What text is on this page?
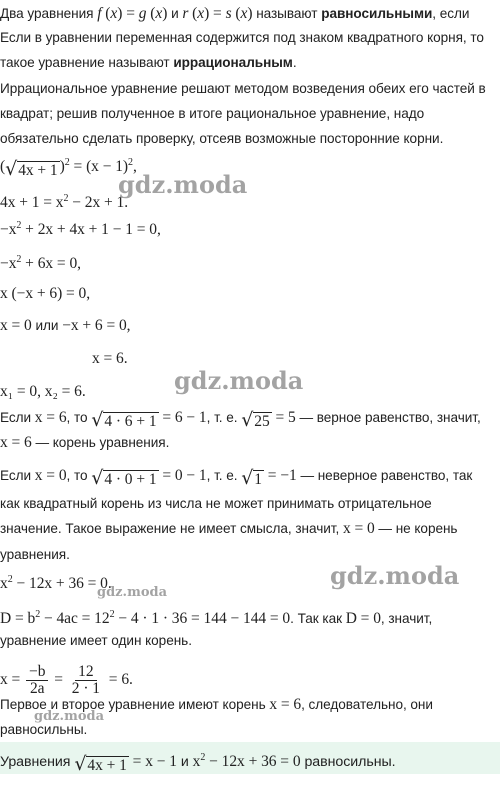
Два уравнения f (x) = g (x) и r (x) = s (x) называют равносильными, если
Если в уравнении переменная содержится под знаком квадратного корня, то
такое уравнение называют иррациональным.
Иррациональное уравнение решают методом возведения обеих его частей в
квадрат; решив полученное в итоге рациональное уравнение, надо
обязательно сделать проверку, отсеяв возможные посторонние корни.
( √ 4x + 1 )$^2 = (x - 1)^2$,
$4x + 1 = x^2 - 2x + 1$.
$-x^2 + 2x + 4x + 1 - 1 = 0$,
$-x^2 + 6x = 0$,
x (−x + 6) = 0,
x = 0 или −x + 6 = 0,
x = 6.
x₁ = 0, x₂ = 6.
Если x = 6, то √ 4 · 6 + 1 = 6 − 1, т. е. √ 25 = 5 — верное равенство, значит,
x = 6 — корень уравнения.
Если x = 0, то √ 4 · 0 + 1 = 0 − 1, т. е. √ 1 = −1 — неверное равенство, так
как квадратный корень из числа не может принимать отрицательное
значение. Такое выражение не имеет смысла, значит, x = 0 — не корень
уравнения.
$x^2 - 12x + 36 = 0$.
$D = b^2 - 4ac = 12^2 - 4 \cdot 1 \cdot 36 = 144 - 144 = 0$. Так как D = 0, значит,
уравнение имеет один корень.
$x = \frac{-b}{2a} = \frac{12}{2 \cdot 1} = 6$.
Первое и второе уравнение имеют корень x = 6, следовательно, они
равносильны.
Уравнения √ 4x + 1 = x − 1 и $x^2 - 12x + 36 = 0$ равносильны.
gdz.moda
gdz.moda
gdz.moda
gdz.moda
gdz.moda
